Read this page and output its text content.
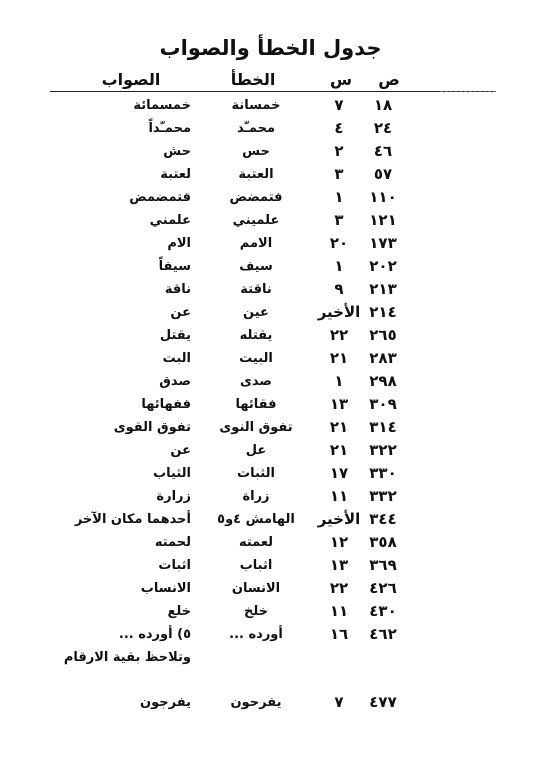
جدول الخطأ والصواب
ص
س
الخطأ
الصواب
١٨
٧
خمسانة
خمسمائة
٢٤
٤
محمـّد
محمـّداً
٤٦
٢
حس
حش
٥٧
٣
العتبة
لعتبة
١١٠
١
فتمضض
فتمضمض
١٢١
٣
علميني
علمني
١٧٣
٢٠
الامم
الام
٢٠٢
١
سيف
سيفاً
٢١٣
٩
ناقتة
ناقة
٢١٤
الأخير
عين
عن
٢٦٥
٢٢
يقتله
يقتل
٢٨٣
٢١
البيت
البت
٢٩٨
١
صدى
صدق
٣٠٩
١٣
فقائها
ففهائها
٣١٤
٢١
تفوق النوى
تفوق القوى
٣٢٢
٢١
عل
عن
٣٣٠
١٧
الثبات
الثياب
٣٣٢
١١
زراة
زرارة
٣٤٤
الأخير
الهامش ٤و٥
أحدهما مكان الآخر
٣٥٨
١٢
لعمته
لحمته
٣٦٩
١٣
اثباب
اثبات
٤٢٦
٢٢
الانسان
الانساب
٤٣٠
١١
خلخ
خلع
٤٦٢
١٦
أورده ...
٥) أورده ...
وتلاحظ بقية الارقام
٤٧٧
٧
يفرحون
يفرجون
